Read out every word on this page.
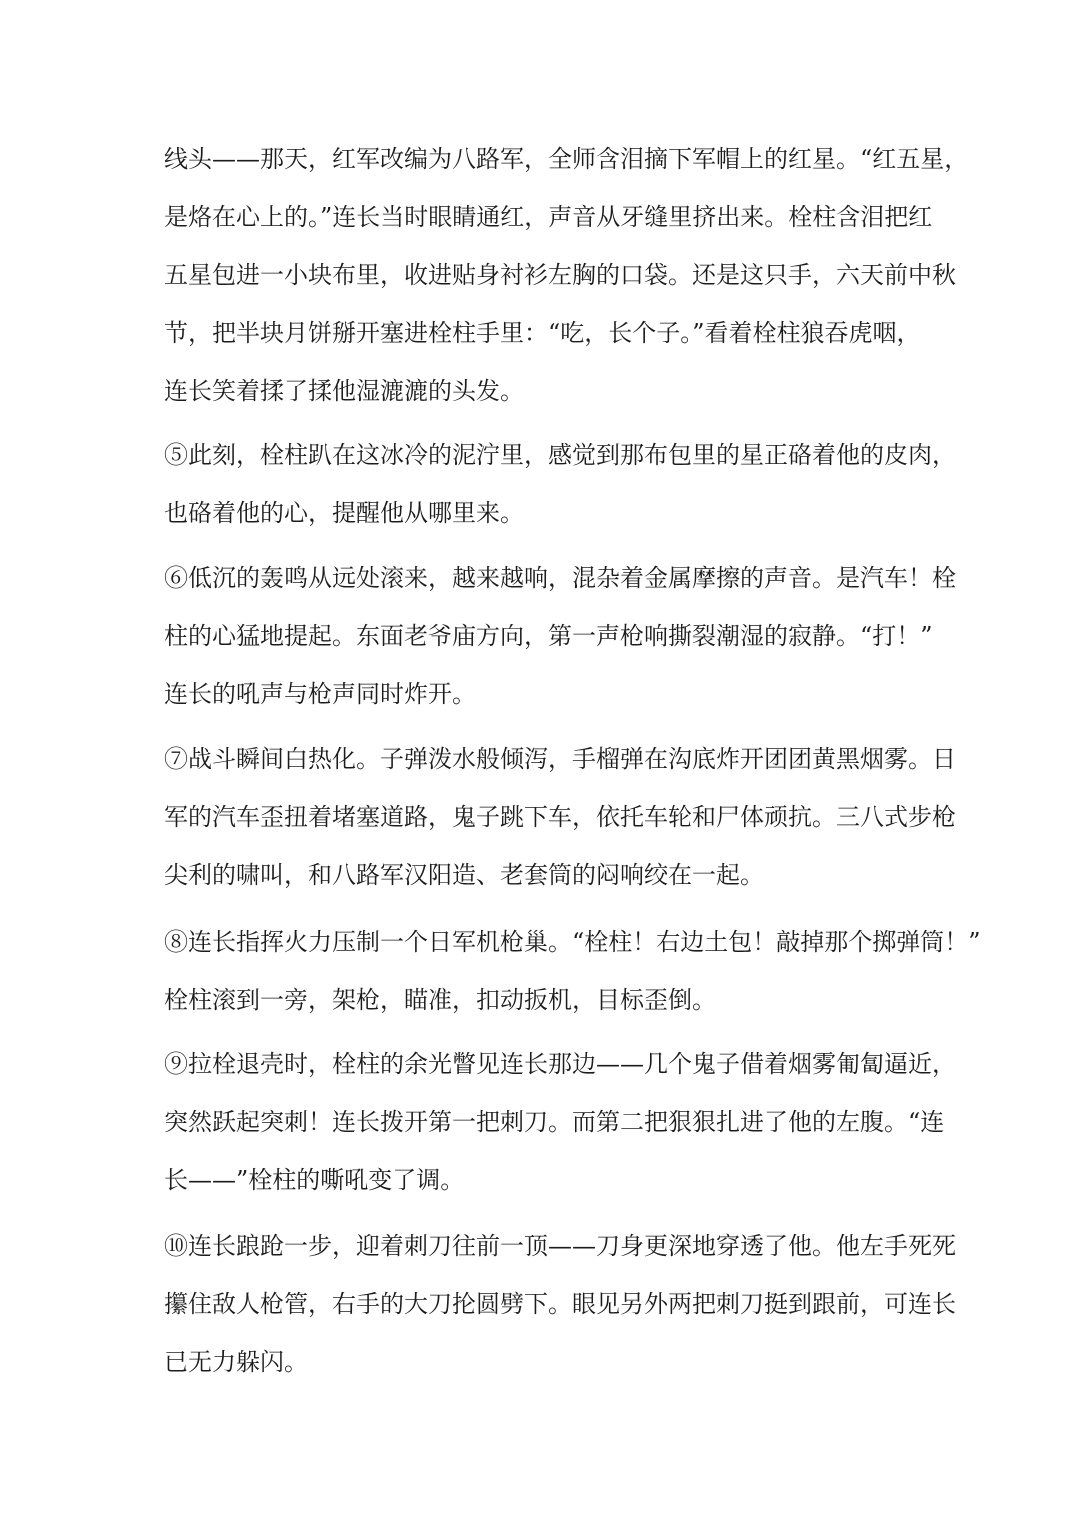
线头——那天，红军改编为八路军，全师含泪摘下军帽上的红星。“红五星，
是烙在心上的。”连长当时眼睛通红，声音从牙缝里挤出来。栓柱含泪把红
五星包进一小块布里，收进贴身衬衫左胸的口袋。还是这只手，六天前中秋
节，把半块月饼掰开塞进栓柱手里：“吃，长个子。”看着栓柱狼吞虎咽，
连长笑着揉了揉他湿漉漉的头发。

⑤此刻，栓柱趴在这冰冷的泥泞里，感觉到那布包里的星正硌着他的皮肉，
也硌着他的心，提醒他从哪里来。

⑥低沉的轰鸣从远处滚来，越来越响，混杂着金属摩擦的声音。是汽车！栓
柱的心猛地提起。东面老爷庙方向，第一声枪响撕裂潮湿的寂静。“打！”
连长的吼声与枪声同时炸开。

⑦战斗瞬间白热化。子弹泼水般倾泻，手榴弹在沟底炸开团团黄黑烟雾。日
军的汽车歪扭着堵塞道路，鬼子跳下车，依托车轮和尸体顽抗。三八式步枪
尖利的啸叫，和八路军汉阳造、老套筒的闷响绞在一起。

⑧连长指挥火力压制一个日军机枪巢。“栓柱！右边土包！敲掉那个掷弹筒！”
栓柱滚到一旁，架枪，瞄准，扣动扳机，目标歪倒。

⑨拉栓退壳时，栓柱的余光瞥见连长那边——几个鬼子借着烟雾匍匐逼近，
突然跃起突刺！连长拨开第一把刺刀。而第二把狠狠扎进了他的左腹。“连
长——”栓柱的嘶吼变了调。

⑩连长踉跄一步，迎着刺刀往前一顶——刀身更深地穿透了他。他左手死死
攥住敌人枪管，右手的大刀抡圆劈下。眼见另外两把刺刀挺到跟前，可连长
已无力躲闪。
